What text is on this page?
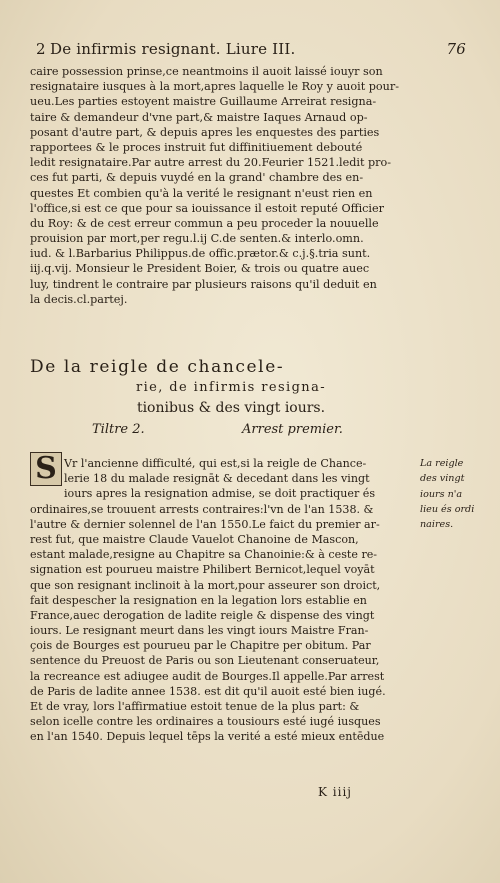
2 De infirmis resignant. Liure III.	76
caire possession prinse,ce neantmoins il auoit laissé iouyr son
resignataire iusques à la mort,apres laquelle le Roy y auoit pour-
ueu.Les parties estoyent maistre Guillaume Arreirat resigna-
taire & demandeur d'vne part,& maistre Iaques Arnaud op-
posant d'autre part, & depuis apres les enquestes des parties
rapportees & le proces instruit fut diffinitiuement debouté
ledit resignataire.Par autre arrest du 20.Feurier 1521.ledit pro-
ces fut parti, & depuis vuydé en la grand' chambre des en-
questes Et combien qu'à la verité le resignant n'eust rien en
l'office,si est ce que pour sa iouissance il estoit reputé Officier
du Roy: & de cest erreur commun a peu proceder la nouuelle
prouision par mort,per regu.l.ij C.de senten.& interlo.omn.
iud. & l.Barbarius Philippus.de offic.prætor.& c.j.§.tria sunt.
iij.q.vij. Monsieur le President Boier, & trois ou quatre auec
luy, tindrent le contraire par plusieurs raisons qu'il deduit en
la decis.cl.partej.
De la reigle de chancele-
rie, de infirmis resigna-
tionibus & des vingt iours.
Tiltre 2.	Arrest premier.
S Vr l'ancienne difficulté, qui est,si la reigle de Chance-
lerie 18 du malade resignāt & decedant dans les vingt
iours apres la resignation admise, se doit practiquer és
ordinaires,se trouuent arrests contraires:l'vn de l'an 1538. &
l'autre & dernier solennel de l'an 1550.Le faict du premier ar-
rest fut, que maistre Claude Vauelot Chanoine de Mascon,
estant malade,resigne au Chapitre sa Chanoinie:& à ceste re-
signation est pourueu maistre Philibert Bernicot,lequel voyāt
que son resignant inclinoit à la mort,pour asseurer son droict,
fait despescher la resignation en la legation lors establie en
France,auec derogation de ladite reigle & dispense des vingt
iours. Le resignant meurt dans les vingt iours Maistre Fran-
çois de Bourges est pourueu par le Chapitre per obitum. Par
sentence du Preuost de Paris ou son Lieutenant conseruateur,
la recreance est adiugee audit de Bourges.Il appelle.Par arrest
de Paris de ladite annee 1538. est dit qu'il auoit esté bien iugé.
Et de vray, lors l'affirmatiue estoit tenue de la plus part: &
selon icelle contre les ordinaires a tousiours esté iugé iusques
en l'an 1540. Depuis lequel tēps la verité a esté mieux entēdue
La reigle
des vingt
iours n'a
lieu és ordi
naires.
K iiij
